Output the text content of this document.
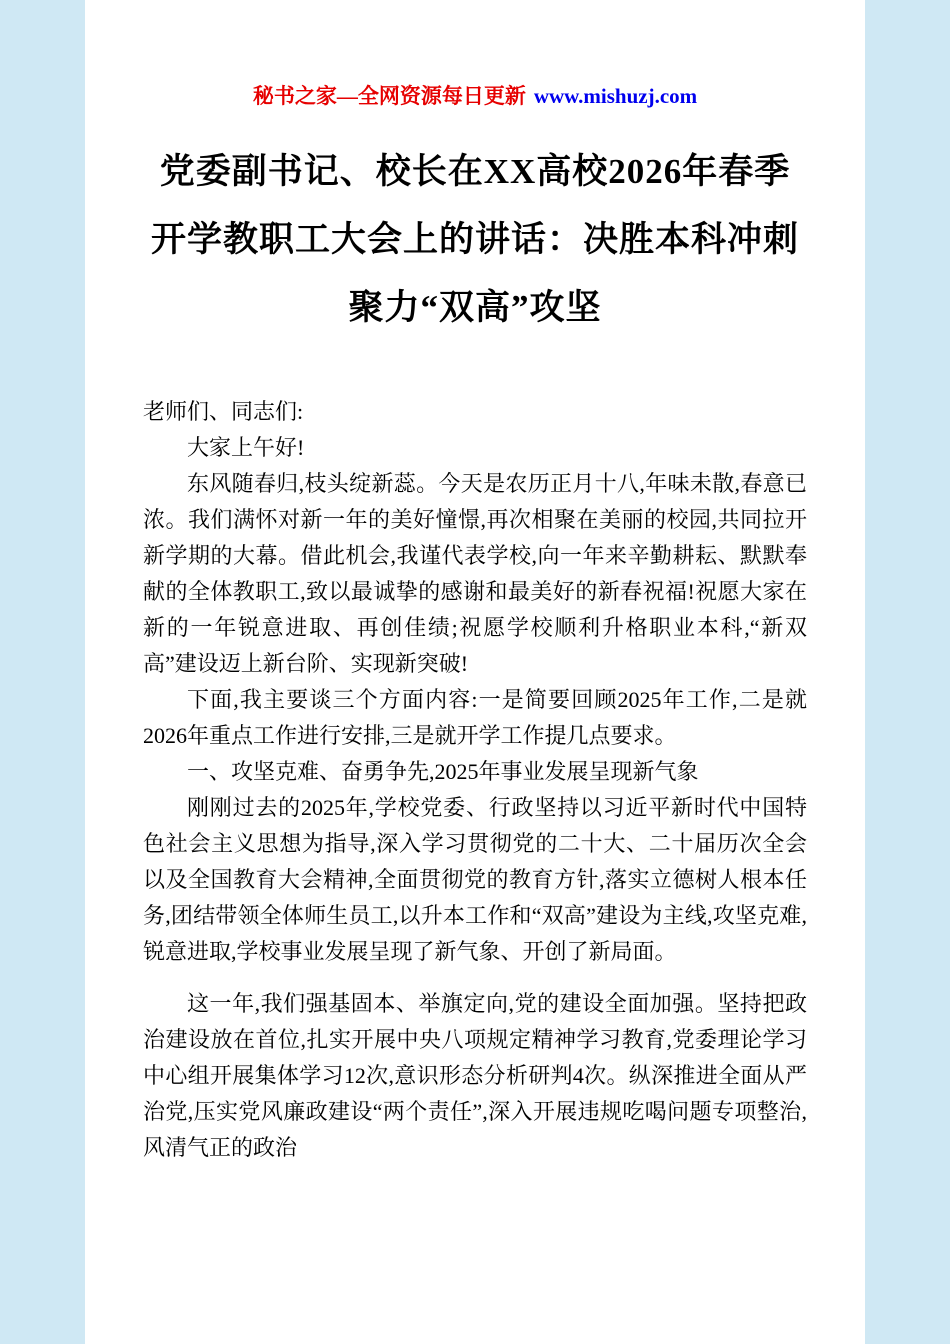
秘书之家—全网资源每日更新 www.mishuzj.com
党委副书记、校长在XX高校2026年春季
开学教职工大会上的讲话：决胜本科冲刺
聚力“双高”攻坚

老师们、同志们:

大家上午好!

东风随春归,枝头绽新蕊。今天是农历正月十八,年味未散,春意已浓。我们满怀对新一年的美好憧憬,再次相聚在美丽的校园,共同拉开新学期的大幕。借此机会,我谨代表学校,向一年来辛勤耕耘、默默奉献的全体教职工,致以最诚挚的感谢和最美好的新春祝福!祝愿大家在新的一年锐意进取、再创佳绩;祝愿学校顺利升格职业本科,“新双高”建设迈上新台阶、实现新突破!

下面,我主要谈三个方面内容:一是简要回顾2025年工作,二是就2026年重点工作进行安排,三是就开学工作提几点要求。

一、攻坚克难、奋勇争先,2025年事业发展呈现新气象

刚刚过去的2025年,学校党委、行政坚持以习近平新时代中国特色社会主义思想为指导,深入学习贯彻党的二十大、二十届历次全会以及全国教育大会精神,全面贯彻党的教育方针,落实立德树人根本任务,团结带领全体师生员工,以升本工作和“双高”建设为主线,攻坚克难,锐意进取,学校事业发展呈现了新气象、开创了新局面。

这一年,我们强基固本、举旗定向,党的建设全面加强。坚持把政治建设放在首位,扎实开展中央八项规定精神学习教育,党委理论学习中心组开展集体学习12次,意识形态分析研判4次。纵深推进全面从严治党,压实党风廉政建设“两个责任”,深入开展违规吃喝问题专项整治,风清气正的政治
